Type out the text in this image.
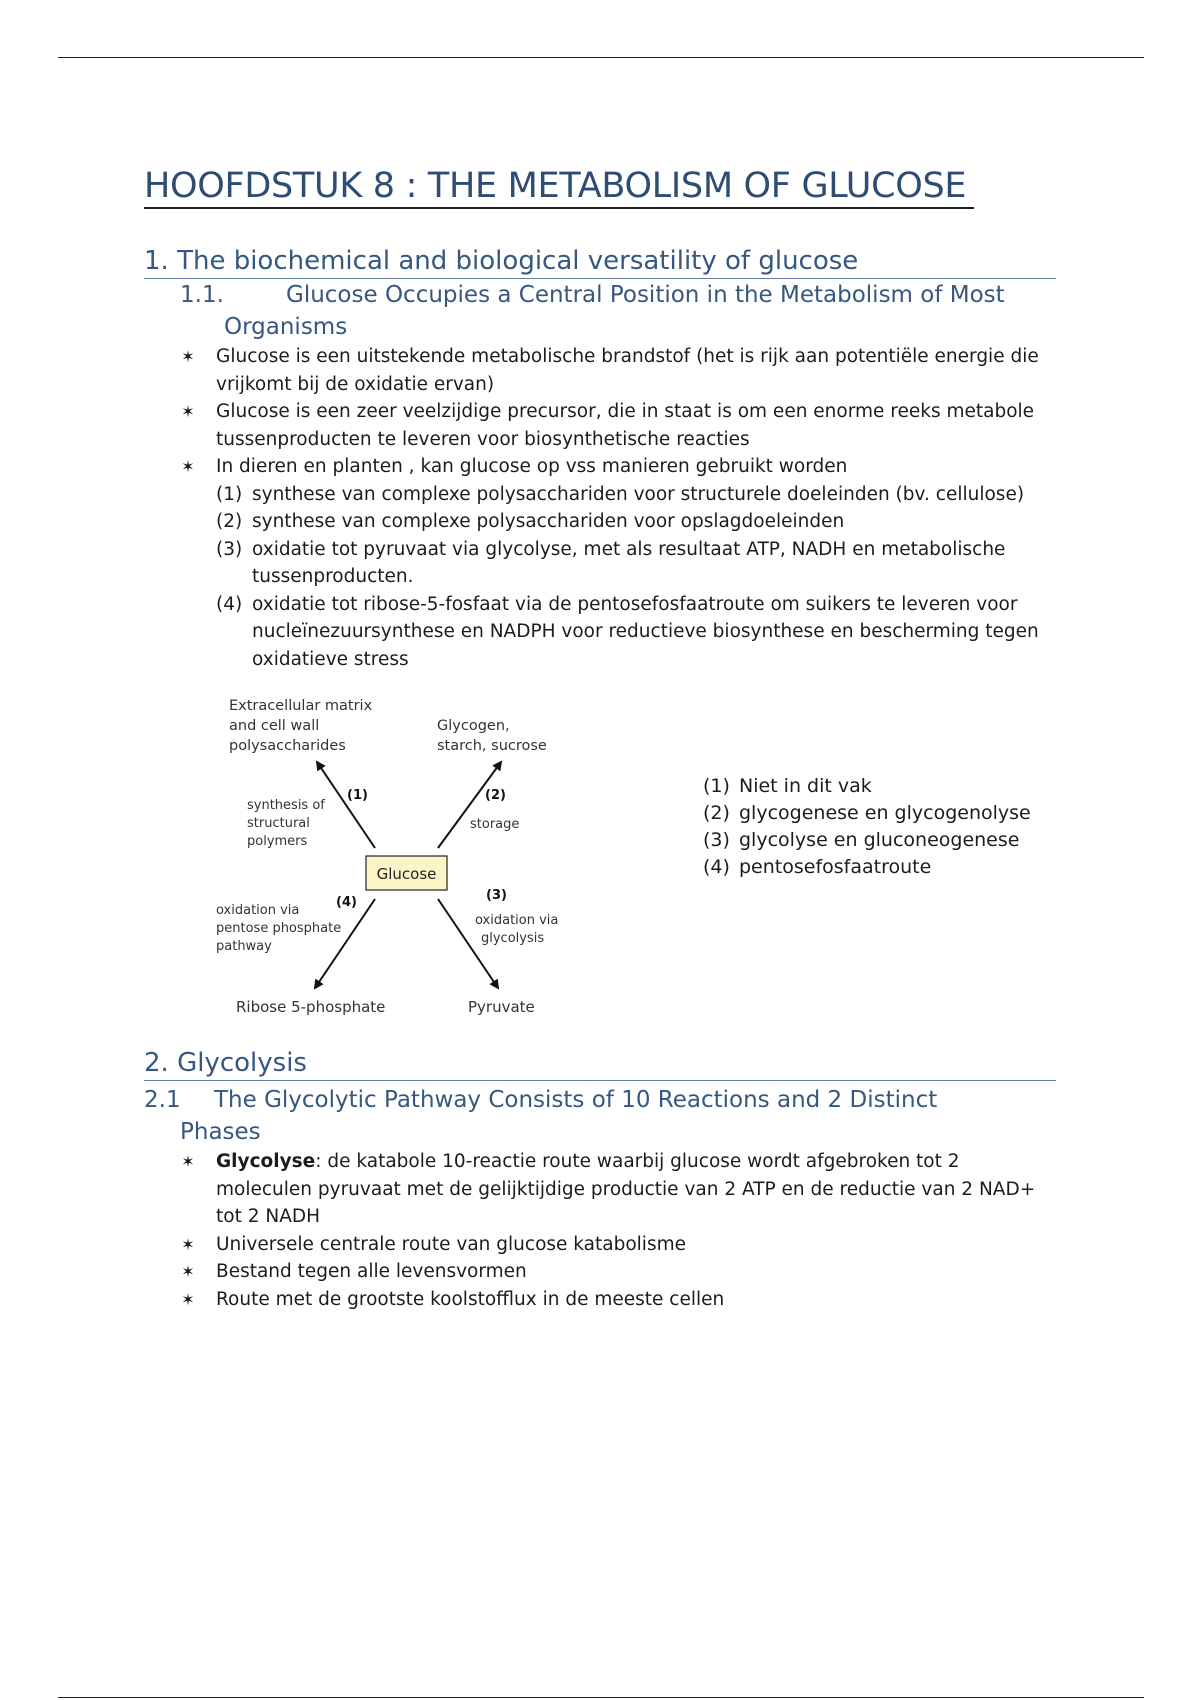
HOOFDSTUK 8 : THE METABOLISM OF GLUCOSE
1. The biochemical and biological versatility of glucose
1.1.	Glucose Occupies a Central Position in the Metabolism of Most
Organisms
✶ Glucose is een uitstekende metabolische brandstof (het is rijk aan potentiële energie die vrijkomt bij de oxidatie ervan)
✶ Glucose is een zeer veelzijdige precursor, die in staat is om een enorme reeks metabole tussenproducten te leveren voor biosynthetische reacties
✶ In dieren en planten , kan glucose op vss manieren gebruikt worden
(1) synthese van complexe polysacchariden voor structurele doeleinden (bv. cellulose)
(2) synthese van complexe polysacchariden voor opslagdoeleinden
(3) oxidatie tot pyruvaat via glycolyse, met als resultaat ATP, NADH en metabolische tussenproducten.
(4) oxidatie tot ribose-5-fosfaat via de pentosefosfaatroute om suikers te leveren voor nucleïnezuursynthese en NADPH voor reductieve biosynthese en bescherming tegen oxidatieve stress
Extracellular matrix
and cell wall
polysaccharides
Glycogen,
starch, sucrose
synthesis of
structural
polymers
storage
oxidation via
pentose phosphate
pathway
oxidation via
glycolysis
Ribose 5-phosphate	Pyruvate
(1)	(2)
(3)
(4)
Glucose
(1) Niet in dit vak
(2) glycogenese en glycogenolyse
(3) glycolyse en gluconeogenese
(4) pentosefosfaatroute
2. Glycolysis
2.1 The Glycolytic Pathway Consists of 10 Reactions and 2 Distinct
Phases
✶ Glycolyse: de katabole 10-reactie route waarbij glucose wordt afgebroken tot 2 moleculen pyruvaat met de gelijktijdige productie van 2 ATP en de reductie van 2 NAD+ tot 2 NADH
✶ Universele centrale route van glucose katabolisme
✶ Bestand tegen alle levensvormen
✶ Route met de grootste koolstofflux in de meeste cellen
